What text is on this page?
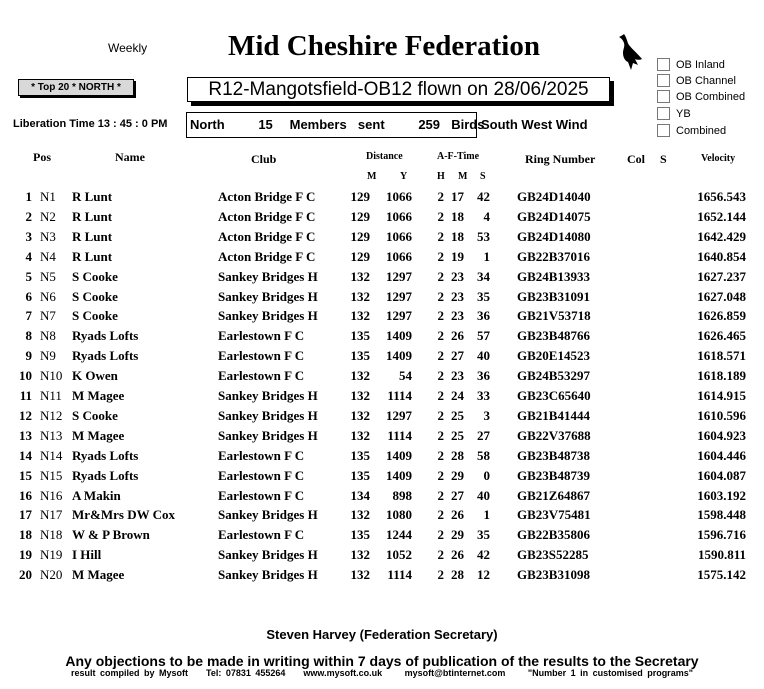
Weekly	Mid Cheshire Federation
OB Inland
OB Channel
OB Combined
YB
Combined
* Top 20 * NORTH *	R12-Mangotsfield-OB12 flown on 28/06/2025
Liberation Time 13 : 45 : 0 PM North      15   Members  sent      259  Birds
South West Wind
Pos	Name	Club	Distance
M Y
A-F-Time
H M S
Ring Number	Col S	Velocity
1 N1 R Lunt	Acton Bridge F C	129 1066 2 17 42 GB24D14040	1656.543
2 N2 R Lunt	Acton Bridge F C	129 1066 2 18 4 GB24D14075	1652.144
3 N3 R Lunt	Acton Bridge F C	129 1066 2 18 53 GB24D14080	1642.429
4 N4 R Lunt	Acton Bridge F C	129 1066 2 19 1 GB22B37016	1640.854
5 N5 S Cooke	Sankey Bridges H	132 1297 2 23 34 GB24B13933	1627.237
6 N6 S Cooke	Sankey Bridges H	132 1297 2 23 35 GB23B31091	1627.048
7 N7 S Cooke	Sankey Bridges H	132 1297 2 23 36 GB21V53718	1626.859
8 N8 Ryads Lofts	Earlestown F C	135 1409 2 26 57 GB23B48766	1626.465
9 N9 Ryads Lofts	Earlestown F C	135 1409 2 27 40 GB20E14523	1618.571
10 N10 K Owen	Earlestown F C	132 54 2 23 36 GB24B53297	1618.189
11 N11 M Magee	Sankey Bridges H	132 1114 2 24 33 GB23C65640	1614.915
12 N12 S Cooke	Sankey Bridges H	132 1297 2 25 3 GB21B41444	1610.596
13 N13 M Magee	Sankey Bridges H	132 1114 2 25 27 GB22V37688	1604.923
14 N14 Ryads Lofts	Earlestown F C	135 1409 2 28 58 GB23B48738	1604.446
15 N15 Ryads Lofts	Earlestown F C	135 1409 2 29 0 GB23B48739	1604.087
16 N16 A Makin	Earlestown F C	134 898 2 27 40 GB21Z64867	1603.192
17 N17 Mr&Mrs DW Cox	Sankey Bridges H	132 1080 2 26 1 GB23V75481	1598.448
18 N18 W & P Brown	Earlestown F C	135 1244 2 29 35 GB22B35806	1596.716
19 N19 I Hill	Sankey Bridges H	132 1052 2 26 42 GB23S52285	1590.811
20 N20 M Magee	Sankey Bridges H	132 1114 2 28 12 GB23B31098	1575.142
Steven Harvey (Federation Secretary)
Any objections to be made in writing within 7 days of publication of the results to the Secretary
result compiled by Mysoft    Tel: 07831 455264    www.mysoft.co.uk     mysoft@btinternet.com     "Number 1 in customised programs"
